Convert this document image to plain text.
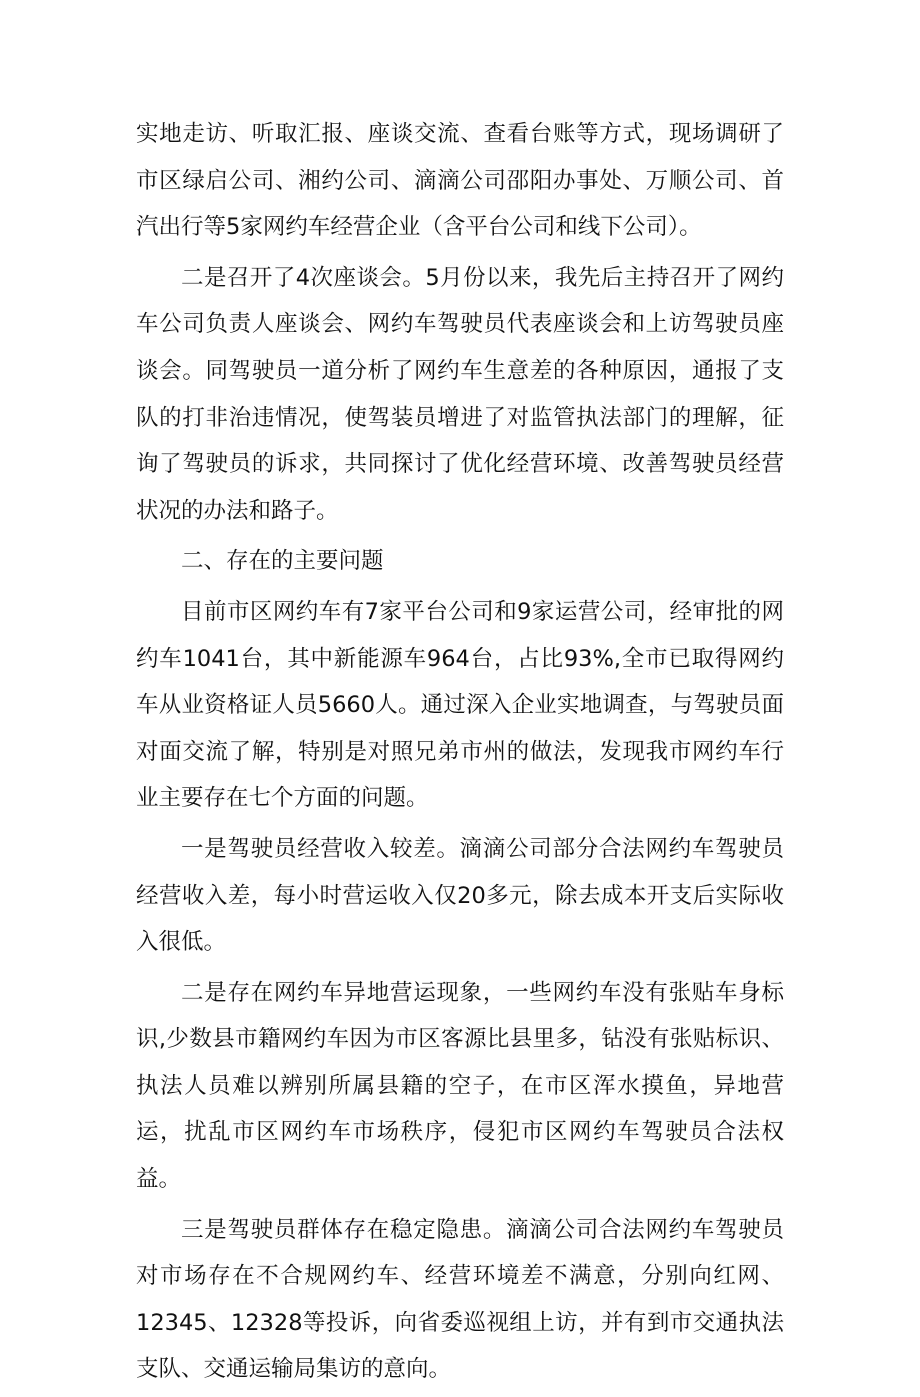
实地走访、听取汇报、座谈交流、查看台账等方式，现场调研了市区绿启公司、湘约公司、滴滴公司邵阳办事处、万顺公司、首汽出行等5家网约车经营企业（含平台公司和线下公司）。

二是召开了4次座谈会。5月份以来，我先后主持召开了网约车公司负责人座谈会、网约车驾驶员代表座谈会和上访驾驶员座谈会。同驾驶员一道分析了网约车生意差的各种原因，通报了支队的打非治违情况，使驾装员增进了对监管执法部门的理解，征询了驾驶员的诉求，共同探讨了优化经营环境、改善驾驶员经营状况的办法和路子。

二、存在的主要问题

目前市区网约车有7家平台公司和9家运营公司，经审批的网约车1041台，其中新能源车964台，占比93%,全市已取得网约车从业资格证人员5660人。通过深入企业实地调查，与驾驶员面对面交流了解，特别是对照兄弟市州的做法，发现我市网约车行业主要存在七个方面的问题。

一是驾驶员经营收入较差。滴滴公司部分合法网约车驾驶员经营收入差，每小时营运收入仅20多元，除去成本开支后实际收入很低。

二是存在网约车异地营运现象，一些网约车没有张贴车身标识,少数县市籍网约车因为市区客源比县里多，钻没有张贴标识、执法人员难以辨别所属县籍的空子，在市区浑水摸鱼，异地营运，扰乱市区网约车市场秩序，侵犯市区网约车驾驶员合法权益。

三是驾驶员群体存在稳定隐患。滴滴公司合法网约车驾驶员对市场存在不合规网约车、经营环境差不满意，分别向红网、12345、12328等投诉，向省委巡视组上访，并有到市交通执法支队、交通运输局集访的意向。
